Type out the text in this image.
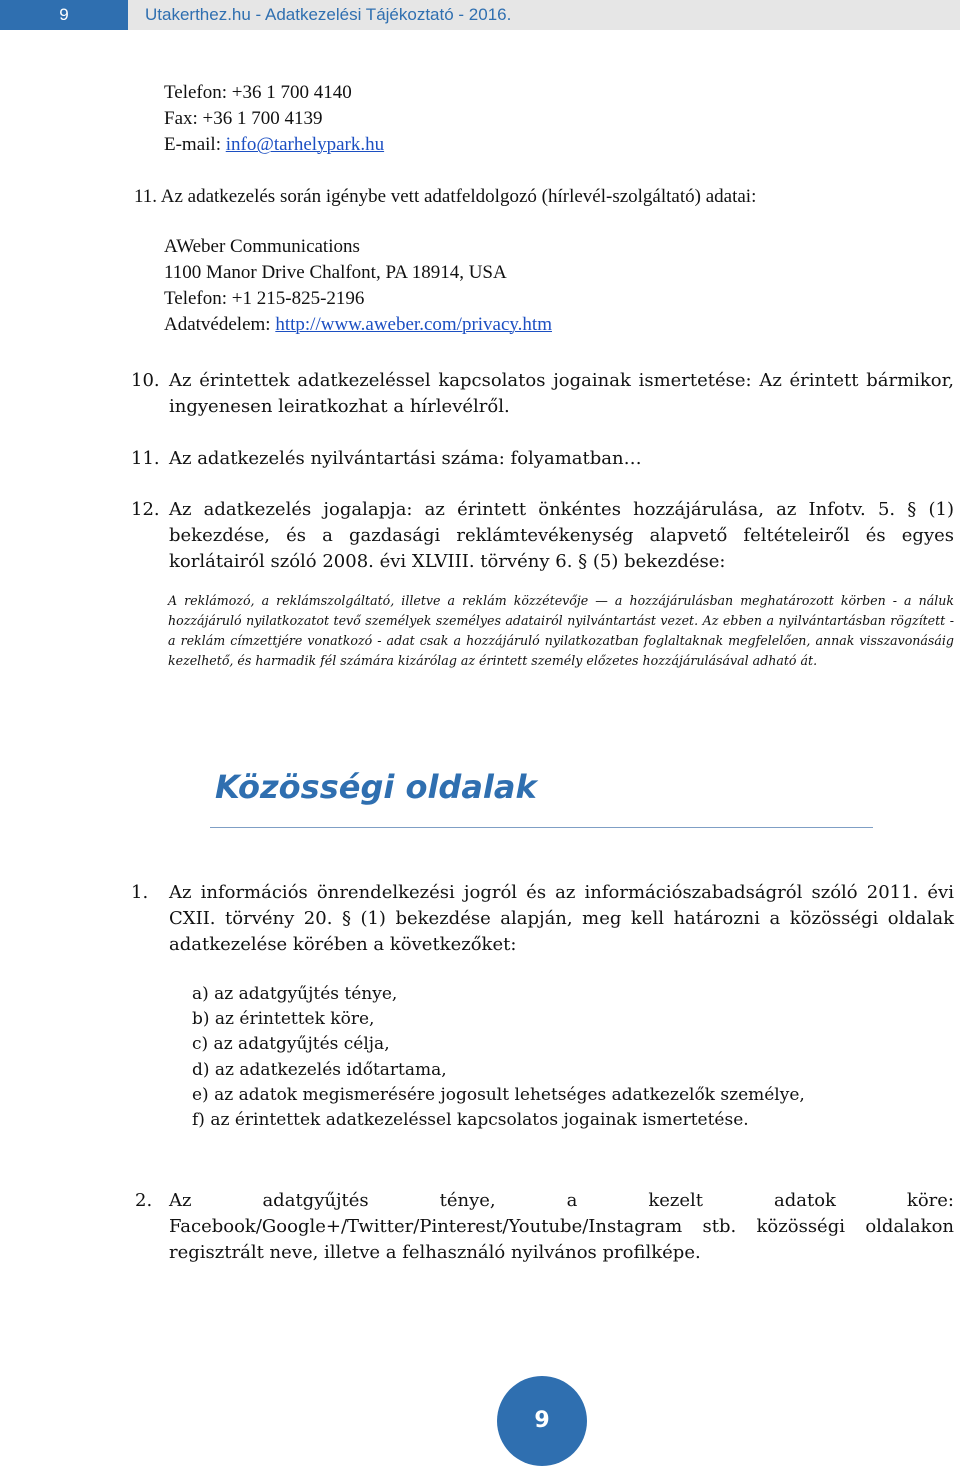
9	Utakerthez.hu - Adatkezelési Tájékoztató - 2016.
Telefon: +36 1 700 4140
Fax: +36 1 700 4139
E-mail: info@tarhelypark.hu
11. Az adatkezelés során igénybe vett adatfeldolgozó (hírlevél-szolgáltató) adatai:
AWeber Communications
1100 Manor Drive Chalfont, PA 18914, USA
Telefon: +1 215-825-2196
Adatvédelem: http://www.aweber.com/privacy.htm
10. Az érintettek adatkezeléssel kapcsolatos jogainak ismertetése: Az érintett bármikor, ingyenesen leiratkozhat a hírlevélről.
11. Az adatkezelés nyilvántartási száma: folyamatban…
12. Az adatkezelés jogalapja: az érintett önkéntes hozzájárulása, az Infotv. 5. § (1) bekezdése, és a gazdasági reklámtevékenység alapvető feltételeiről és egyes korlátairól szóló 2008. évi XLVIII. törvény 6. § (5) bekezdése:
A reklámozó, a reklámszolgáltató, illetve a reklám közzétevője — a hozzájárulásban meghatározott körben - a náluk hozzájáruló nyilatkozatot tevő személyek személyes adatairól nyilvántartást vezet. Az ebben a nyilvántartásban rögzített - a reklám címzettjére vonatkozó - adat csak a hozzájáruló nyilatkozatban foglaltaknak megfelelően, annak visszavonásáig kezelhető, és harmadik fél számára kizárólag az érintett személy előzetes hozzájárulásával adható át.
Közösségi oldalak
1. Az információs önrendelkezési jogról és az információszabadságról szóló 2011. évi CXII. törvény 20. § (1) bekezdése alapján, meg kell határozni a közösségi oldalak adatkezelése körében a következőket:
a) az adatgyűjtés ténye,
b) az érintettek köre,
c) az adatgyűjtés célja,
d) az adatkezelés időtartama,
e) az adatok megismerésére jogosult lehetséges adatkezelők személye,
f) az érintettek adatkezeléssel kapcsolatos jogainak ismertetése.
2. Az adatgyűjtés ténye, a kezelt adatok köre: Facebook/Google+/Twitter/Pinterest/Youtube/Instagram stb. közösségi oldalakon regisztrált neve, illetve a felhasználó nyilvános profilképe.
9
